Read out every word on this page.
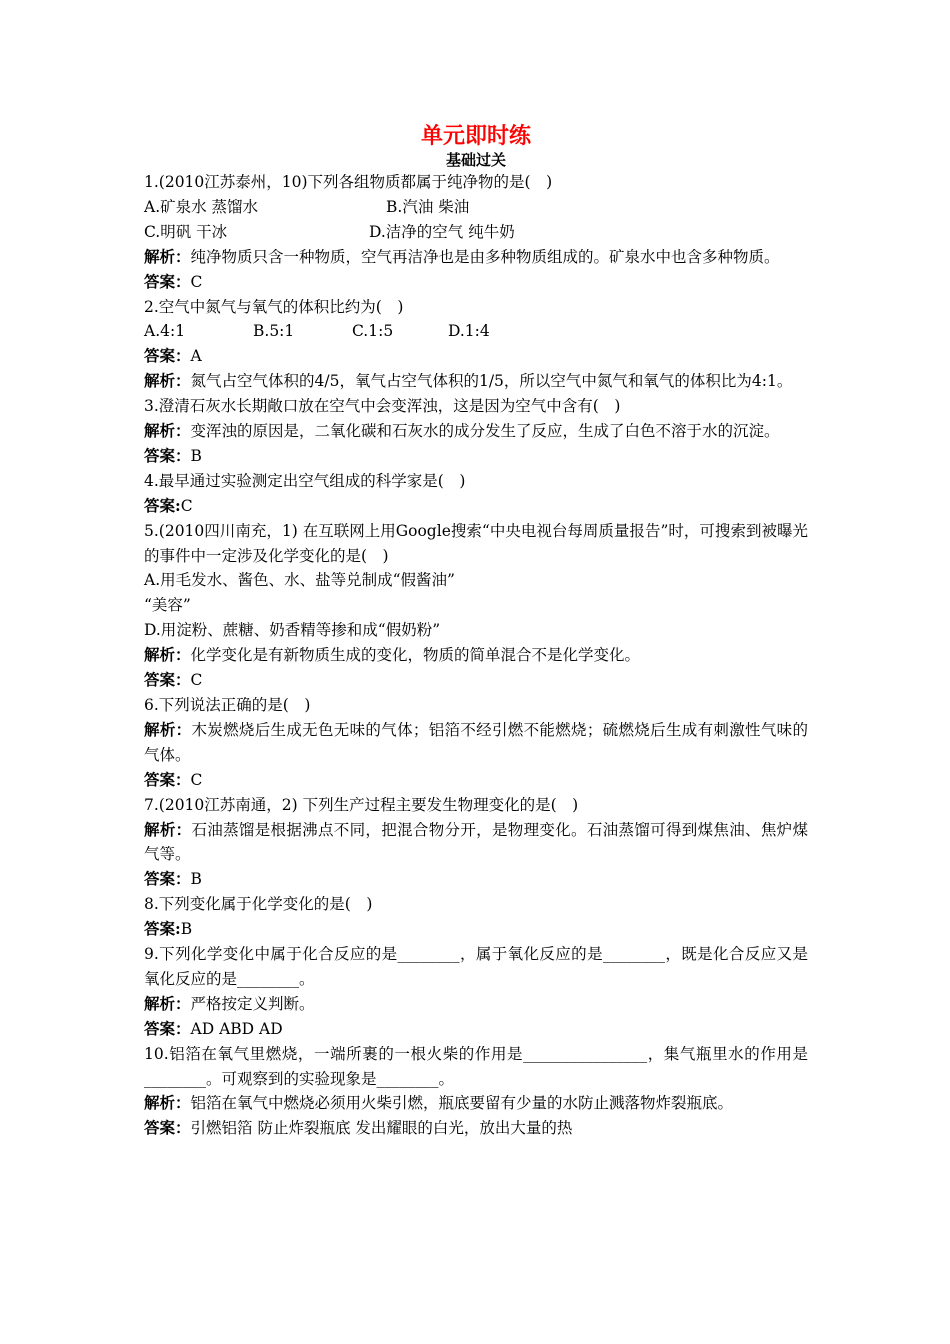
单元即时练
基础过关

1.(2010江苏泰州，10)下列各组物质都属于纯净物的是(　)

A.矿泉水 蒸馏水	B.汽油 柴油
C.明矾 干冰	D.洁净的空气 纯牛奶

解析：纯净物质只含一种物质，空气再洁净也是由多种物质组成的。矿泉水中也含多种物质。

答案：C

2.空气中氮气与氧气的体积比约为(　)

A.4:1	B.5:1	C.1:5	D.1:4

答案：A

解析：氮气占空气体积的4/5，氧气占空气体积的1/5，所以空气中氮气和氧气的体积比为4:1。

3.澄清石灰水长期敞口放在空气中会变浑浊，这是因为空气中含有(　)

解析：变浑浊的原因是，二氧化碳和石灰水的成分发生了反应，生成了白色不溶于水的沉淀。

答案：B

4.最早通过实验测定出空气组成的科学家是(　)

答案:C

5.(2010四川南充，1) 在互联网上用Google搜索“中央电视台每周质量报告”时，可搜索到被曝光的事件中一定涉及化学变化的是(　)

A.用毛发水、酱色、水、盐等兑制成“假酱油”

“美容”

D.用淀粉、蔗糖、奶香精等掺和成“假奶粉”

解析：化学变化是有新物质生成的变化，物质的简单混合不是化学变化。

答案：C

6.下列说法正确的是(　)

解析：木炭燃烧后生成无色无味的气体；铝箔不经引燃不能燃烧；硫燃烧后生成有刺激性气味的气体。

答案：C

7.(2010江苏南通，2) 下列生产过程主要发生物理变化的是(　)

解析：石油蒸馏是根据沸点不同，把混合物分开，是物理变化。石油蒸馏可得到煤焦油、焦炉煤气等。

答案：B

8.下列变化属于化学变化的是(　)

答案:B

9.下列化学变化中属于化合反应的是________，属于氧化反应的是________，既是化合反应又是氧化反应的是________。

解析：严格按定义判断。

答案：AD ABD AD

10.铝箔在氧气里燃烧，一端所裹的一根火柴的作用是________________，集气瓶里水的作用是________。可观察到的实验现象是________。

解析：铝箔在氧气中燃烧必须用火柴引燃，瓶底要留有少量的水防止溅落物炸裂瓶底。

答案：引燃铝箔 防止炸裂瓶底 发出耀眼的白光，放出大量的热
